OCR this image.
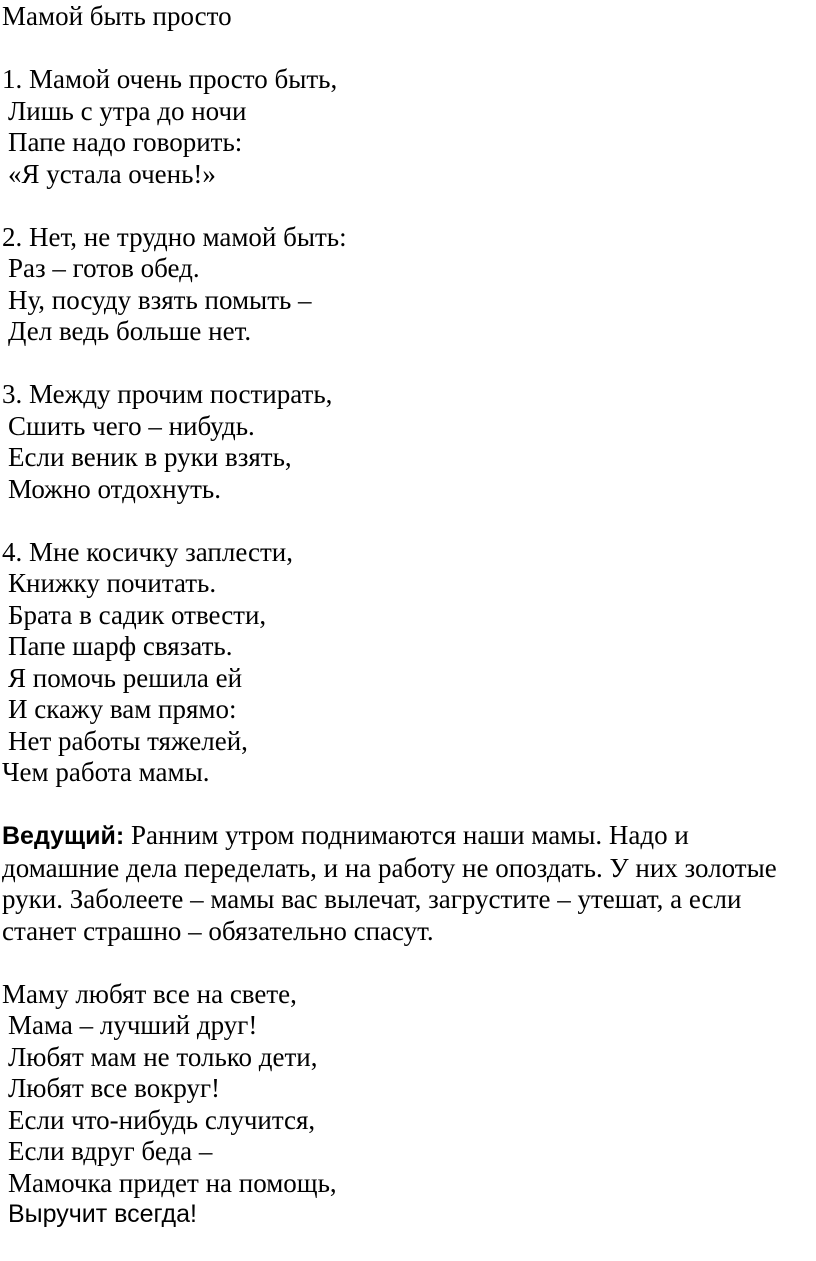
Мамой быть просто
1. Мамой очень просто быть,
Лишь с утра до ночи
Папе надо говорить:
«Я устала очень!»
2. Нет, не трудно мамой быть:
Раз – готов обед.
Ну, посуду взять помыть –
Дел ведь больше нет.
3. Между прочим постирать,
Сшить чего – нибудь.
Если веник в руки взять,
Можно отдохнуть.
4. Мне косичку заплести,
Книжку почитать.
Брата в садик отвести,
Папе шарф связать.
Я помочь решила ей
И скажу вам прямо:
Нет работы тяжелей,
Чем работа мамы.

Ведущий: Ранним утром поднимаются наши мамы. Надо и домашние дела переделать, и на работу не опоздать. У них золотые руки. Заболеете – мамы вас вылечат, загрустите – утешат, а если станет страшно – обязательно спасут.

Маму любят все на свете,
Мама – лучший друг!
Любят мам не только дети,
Любят все вокруг!
Если что-нибудь случится,
Если вдруг беда –
Мамочка придет на помощь,
Выручит всегда!
